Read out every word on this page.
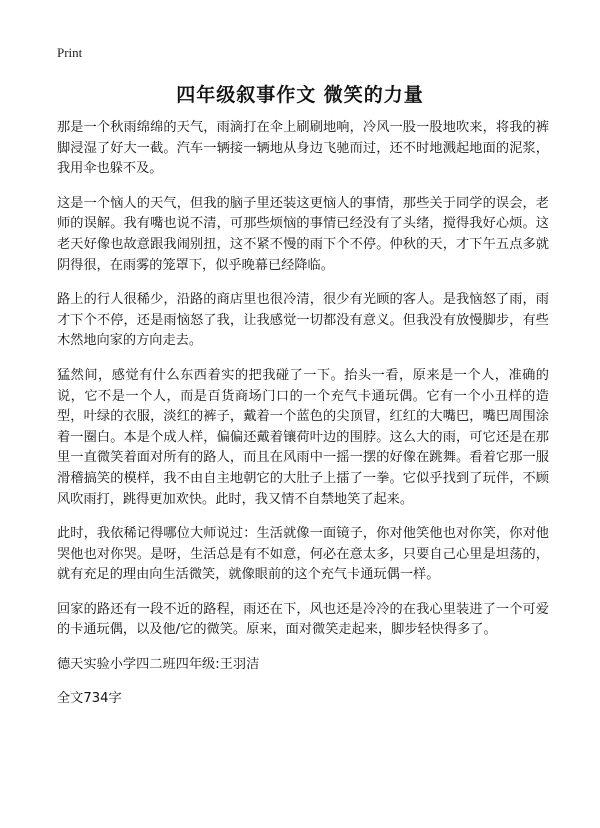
Print
四年级叙事作文 微笑的力量

那是一个秋雨绵绵的天气，雨滴打在伞上刷刷地响，冷风一股一股地吹来，将我的裤脚浸湿了好大一截。汽车一辆接一辆地从身边飞驰而过，还不时地溅起地面的泥浆，我用伞也躲不及。

这是一个恼人的天气，但我的脑子里还装这更恼人的事情，那些关于同学的误会，老师的误解。我有嘴也说不清，可那些烦恼的事情已经没有了头绪，搅得我好心烦。这老天好像也故意跟我闹别扭，这不紧不慢的雨下个不停。仲秋的天，才下午五点多就阴得很，在雨雾的笼罩下，似乎晚幕已经降临。

路上的行人很稀少，沿路的商店里也很冷清，很少有光顾的客人。是我恼怒了雨，雨才下个不停，还是雨恼怒了我，让我感觉一切都没有意义。但我没有放慢脚步，有些木然地向家的方向走去。

猛然间，感觉有什么东西着实的把我碰了一下。抬头一看，原来是一个人，准确的说，它不是一个人，而是百货商场门口的一个充气卡通玩偶。它有一个小丑样的造型，叶绿的衣服，淡红的裤子，戴着一个蓝色的尖顶冒，红红的大嘴巴，嘴巴周围涂着一圈白。本是个成人样，偏偏还戴着镶荷叶边的围脖。这么大的雨，可它还是在那里一直微笑着面对所有的路人，而且在风雨中一摇一摆的好像在跳舞。看着它那一服滑稽搞笑的模样，我不由自主地朝它的大肚子上擂了一拳。它似乎找到了玩伴，不顾风吹雨打，跳得更加欢快。此时，我又情不自禁地笑了起来。

此时，我依稀记得哪位大师说过：生活就像一面镜子，你对他笑他也对你笑，你对他哭他也对你哭。是呀，生活总是有不如意，何必在意太多，只要自己心里是坦荡的，就有充足的理由向生活微笑，就像眼前的这个充气卡通玩偶一样。

回家的路还有一段不近的路程，雨还在下，风也还是冷冷的在我心里装进了一个可爱的卡通玩偶，以及他/它的微笑。原来，面对微笑走起来，脚步轻快得多了。

德天实验小学四二班四年级:王羽洁

全文734字
